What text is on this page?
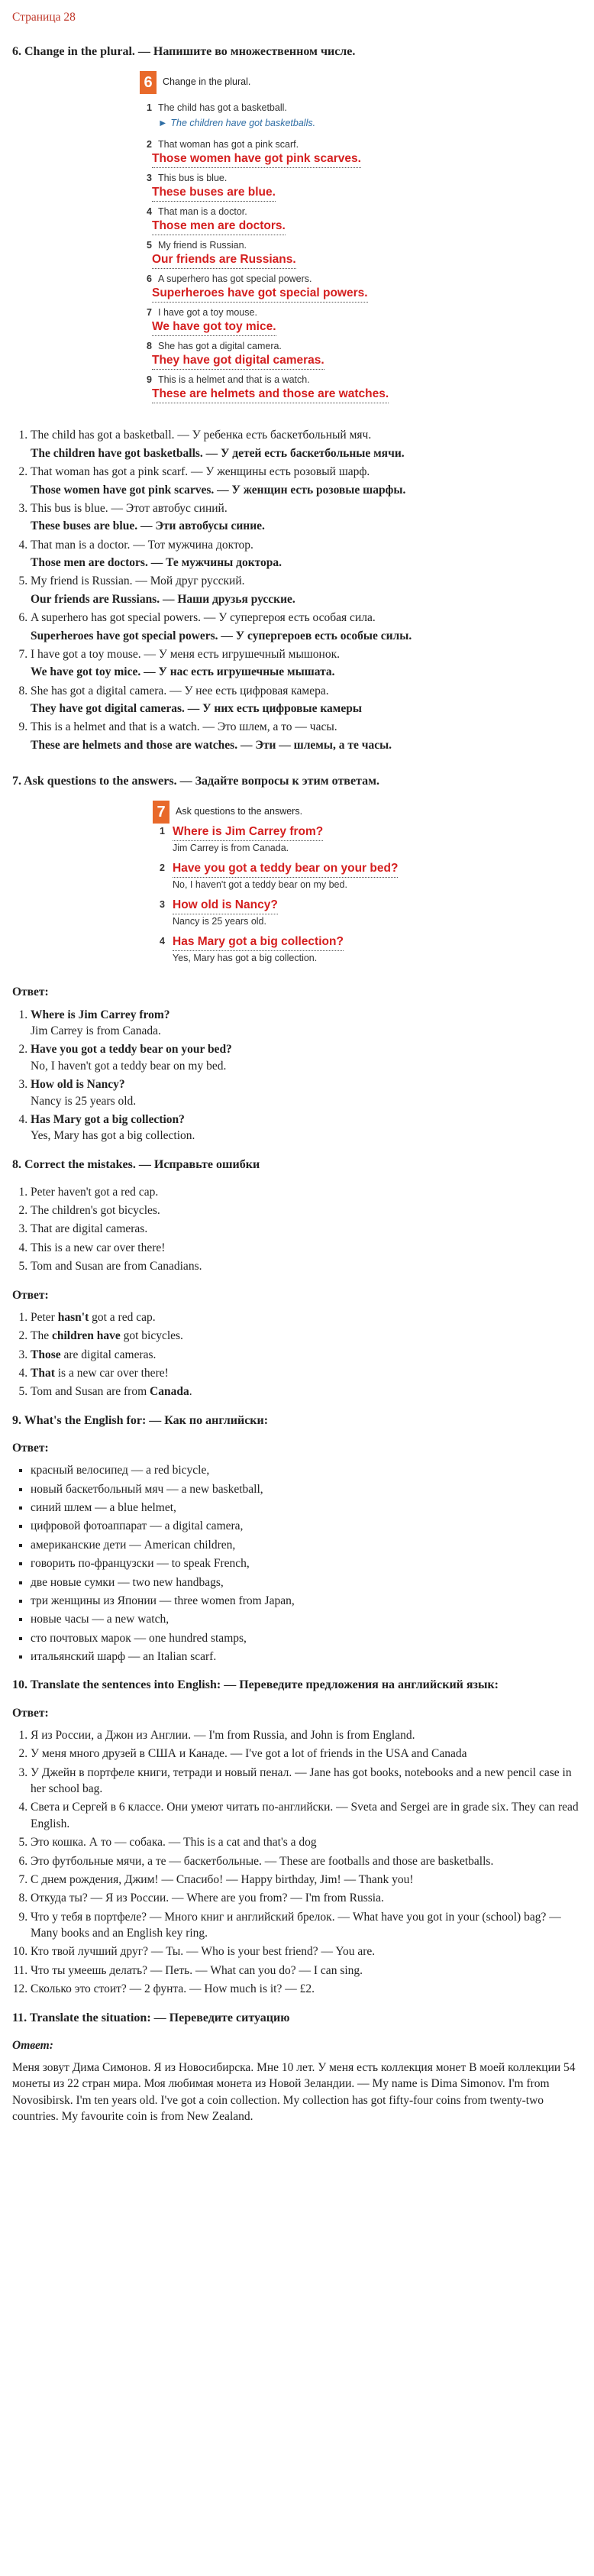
Страница 28
6. Change in the plural. — Напишите во множественном числе.
6	Change in the plural.
1 The child has got a basketball.
► The children have got basketballs.
2 That woman has got a pink scarf.
Those women have got pink scarves.
3 This bus is blue.
These buses are blue.
4 That man is a doctor.
Those men are doctors.
5 My friend is Russian.
Our friends are Russians.
6 A superhero has got special powers.
Superheroes have got special powers.
7 I have got a toy mouse.
We have got toy mice.
8 She has got a digital camera.
They have got digital cameras.
9 This is a helmet and that is a watch.
These are helmets and those are watches.
1. The child has got a basketball. — У ребенка есть баскетбольный мяч.
The children have got basketballs. — У детей есть баскетбольные мячи.
2. That woman has got a pink scarf. — У женщины есть розовый шарф.
Those women have got pink scarves. — У женщин есть розовые шарфы.
3. This bus is blue. — Этот автобус синий.
These buses are blue. — Эти автобусы синие.
4. That man is a doctor. — Тот мужчина доктор.
Those men are doctors. — Те мужчины доктора.
5. My friend is Russian. — Мой друг русский.
Our friends are Russians. — Наши друзья русские.
6. A superhero has got special powers. — У супергероя есть особая сила.
Superheroes have got special powers. — У супергероев есть особые силы.
7. I have got a toy mouse. — У меня есть игрушечный мышонок.
We have got toy mice. — У нас есть игрушечные мышата.
8. She has got a digital camera. — У нее есть цифровая камера.
They have got digital cameras. — У них есть цифровые камеры
9. This is a helmet and that is a watch. — Это шлем, а то — часы.
These are helmets and those are watches. — Эти — шлемы, а те часы.
7. Ask questions to the answers. — Задайте вопросы к этим ответам.
7	Ask questions to the answers.
1 Where is Jim Carrey from?
Jim Carrey is from Canada.
2 Have you got a teddy bear on your bed?
No, I haven't got a teddy bear on my bed.
3 How old is Nancy?
Nancy is 25 years old.
4 Has Mary got a big collection?
Yes, Mary has got a big collection.
Ответ:
1. Where is Jim Carrey from?
Jim Carrey is from Canada.
2. Have you got a teddy bear on your bed?
No, I haven't got a teddy bear on my bed.
3. How old is Nancy?
Nancy is 25 years old.
4. Has Mary got a big collection?
Yes, Mary has got a big collection.
8. Correct the mistakes. — Исправьте ошибки
1. Peter haven't got a red cap.
2. The children's got bicycles.
3. That are digital cameras.
4. This is a new car over there!
5. Tom and Susan are from Canadians.
Ответ:
1. Peter hasn't got a red cap.
2. The children have got bicycles.
3. Those are digital cameras.
4. That is a new car over there!
5. Tom and Susan are from Canada.
9. What's the English for: — Как по английски:
Ответ:
▪ красный велосипед — a red bicycle,
▪ новый баскетбольный мяч — a new basketball,
▪ синий шлем — a blue helmet,
▪ цифровой фотоаппарат — a digital camera,
▪ американские дети — American children,
▪ говорить по-французски — to speak French,
▪ две новые сумки — two new handbags,
▪ три женщины из Японии — three women from Japan,
▪ новые часы — a new watch,
▪ сто почтовых марок — one hundred stamps,
▪ итальянский шарф — an Italian scarf.
10. Translate the sentences into English: — Переведите предложения на английский язык:
Ответ:
1. Я из России, а Джон из Англии. — I'm from Russia, and John is from England.
2. У меня много друзей в США и Канаде. — I've got a lot of friends in the USA and Canada
3. У Джейн в портфеле книги, тетради и новый пенал. — Jane has got books, notebooks and a new pencil case in her school bag.
4. Света и Сергей в 6 классе. Они умеют читать по-английски. — Sveta and Sergei are in grade six. They can read English.
5. Это кошка. А то — собака. — This is a cat and that's a dog
6. Это футбольные мячи, а те — баскетбольные. — These are footballs and those are basketballs.
7. С днем рождения, Джим! — Спасибо! — Happy birthday, Jim! — Thank you!
8. Откуда ты? — Я из России. — Where are you from? — I'm from Russia.
9. Что у тебя в портфеле? — Много книг и английский брелок. — What have you got in your (school) bag? — Many books and an English key ring.
10. Кто твой лучший друг? — Ты. — Who is your best friend? — You are.
11. Что ты умеешь делать? — Петь. — What can you do? — I can sing.
12. Сколько это стоит? — 2 фунта. — How much is it? — £2.
11. Translate the situation: — Переведите ситуацию
Ответ:

Меня зовут Дима Симонов. Я из Новосибирска. Мне 10 лет. У меня есть коллекция монет В моей коллекции 54 монеты из 22 стран мира. Моя любимая монета из Новой Зеландии. — My name is Dima Simonov. I'm from Novosibirsk. I'm ten years old. I've got a coin collection. My collection has got fifty-four coins from twenty-two countries. My favourite coin is from New Zealand.
